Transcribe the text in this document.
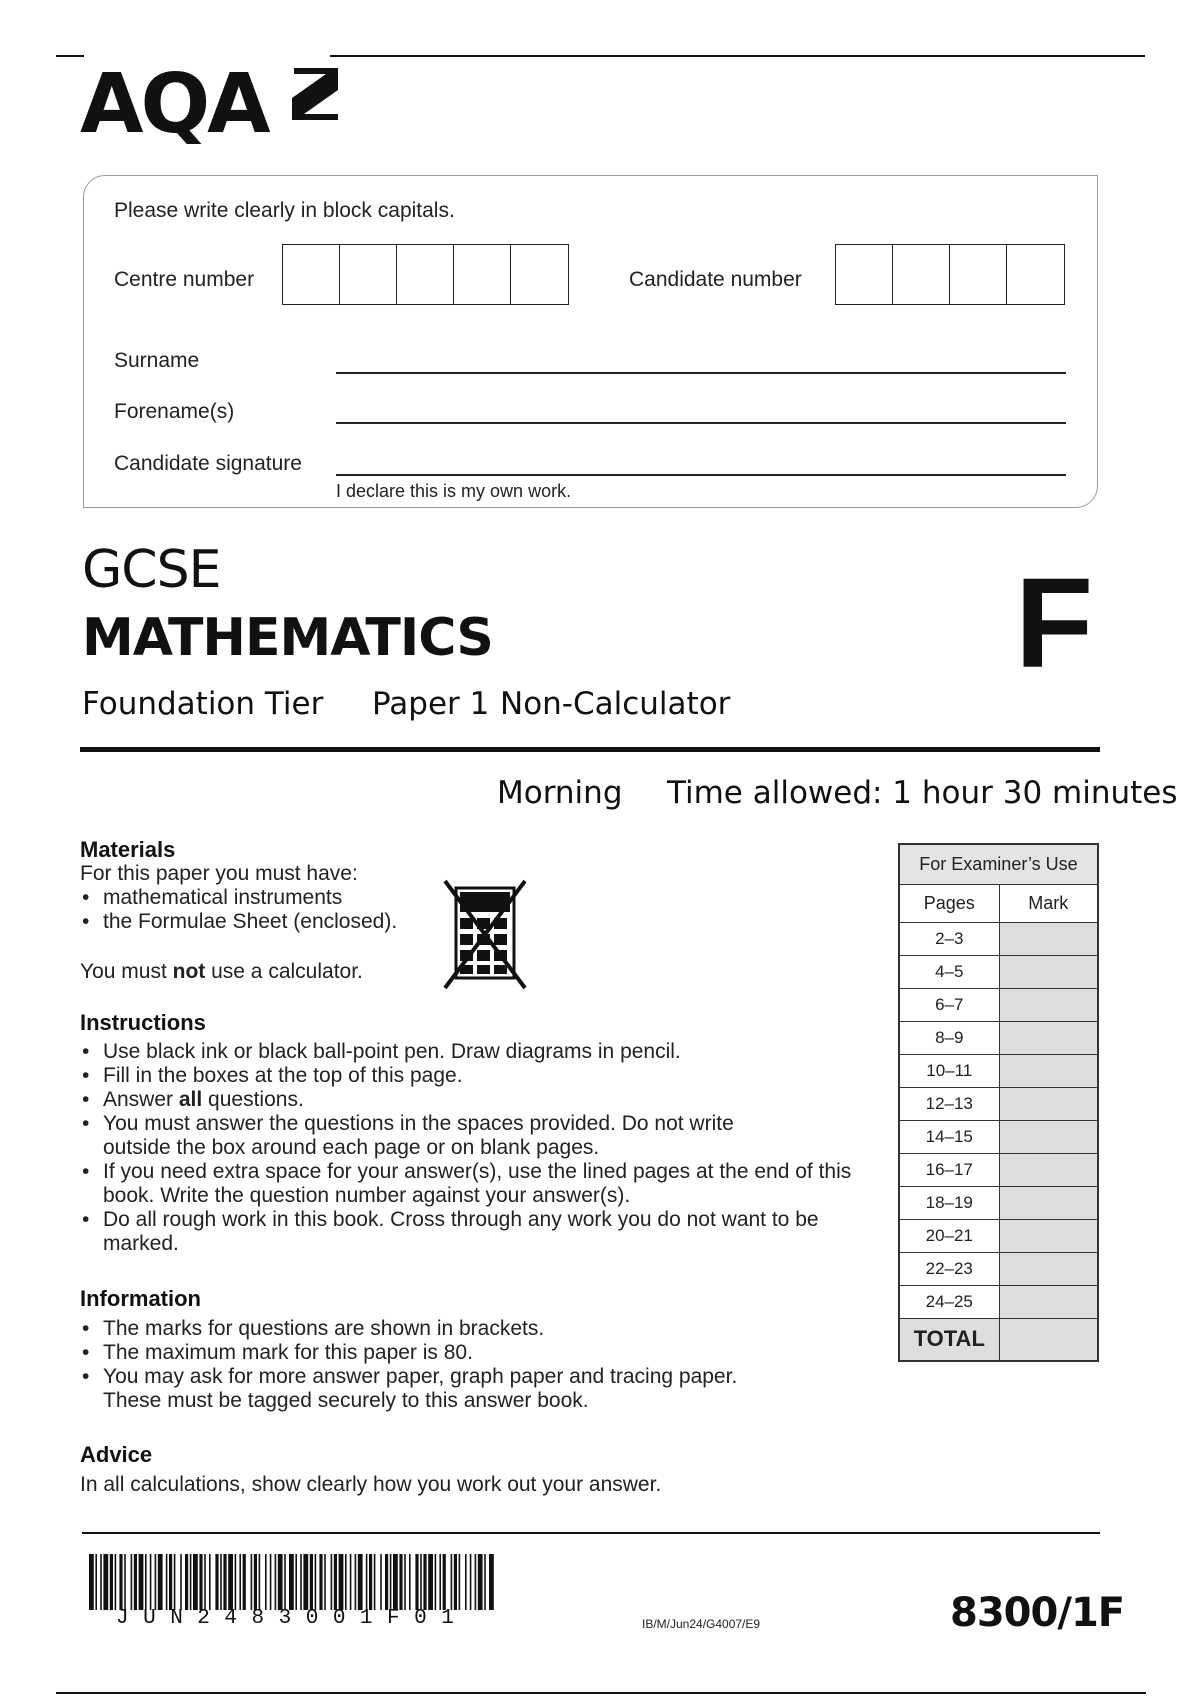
AQA
Please write clearly in block capitals.
Centre number	Candidate number
Surname
Forename(s)
Candidate signature
I declare this is my own work.
GCSE
MATHEMATICS	F
Foundation Tier Paper 1 Non-Calculator
Morning Time allowed: 1 hour 30 minutes
Materials
For this paper you must have:
• mathematical instruments
• the Formulae Sheet (enclosed).
You must not use a calculator.
Instructions
• Use black ink or black ball-point pen. Draw diagrams in pencil.
• Fill in the boxes at the top of this page.
• Answer all questions.
• You must answer the questions in the spaces provided. Do not write outside the box around each page or on blank pages.
• If you need extra space for your answer(s), use the lined pages at the end of this book. Write the question number against your answer(s).
• Do all rough work in this book. Cross through any work you do not want to be marked.
Information
• The marks for questions are shown in brackets.
• The maximum mark for this paper is 80.
• You may ask for more answer paper, graph paper and tracing paper. These must be tagged securely to this answer book.
Advice
In all calculations, show clearly how you work out your answer.
For Examiner’s Use	
Pages	Mark
2–3	
4–5	
6–7	
8–9	
10–11	
12–13	
14–15	
16–17	
18–19	
20–21	
22–23	
24–25	
TOTAL	
JUN2483001F01	IB/M/Jun24/G4007/E9	8300/1F
